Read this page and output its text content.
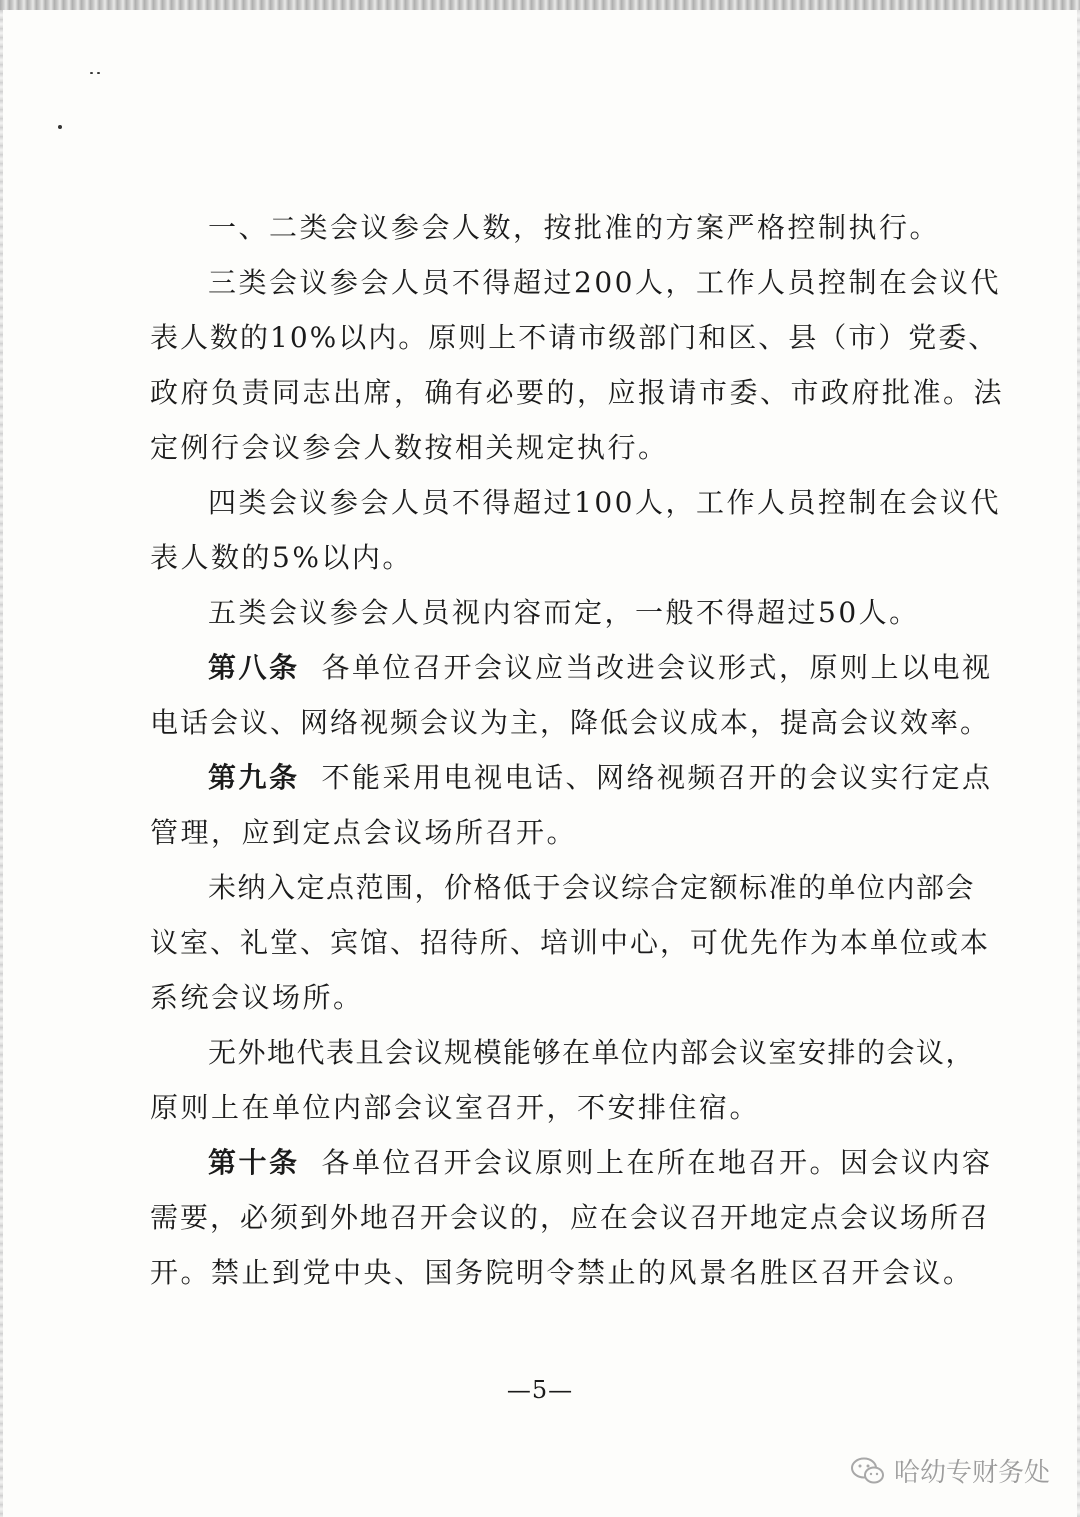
一、二类会议参会人数，按批准的方案严格控制执行。
三类会议参会人员不得超过200人，工作人员控制在会议代
表人数的10%以内。原则上不请市级部门和区、县（市）党委、
政府负责同志出席，确有必要的，应报请市委、市政府批准。法
定例行会议参会人数按相关规定执行。
四类会议参会人员不得超过100人，工作人员控制在会议代
表人数的5%以内。
五类会议参会人员视内容而定，一般不得超过50人。
第八条 各单位召开会议应当改进会议形式，原则上以电视
电话会议、网络视频会议为主，降低会议成本，提高会议效率。
第九条 不能采用电视电话、网络视频召开的会议实行定点
管理，应到定点会议场所召开。
未纳入定点范围，价格低于会议综合定额标准的单位内部会
议室、礼堂、宾馆、招待所、培训中心，可优先作为本单位或本
系统会议场所。
无外地代表且会议规模能够在单位内部会议室安排的会议，
原则上在单位内部会议室召开，不安排住宿。
第十条 各单位召开会议原则上在所在地召开。因会议内容
需要，必须到外地召开会议的，应在会议召开地定点会议场所召
开。禁止到党中央、国务院明令禁止的风景名胜区召开会议。
—5—
哈幼专财务处
